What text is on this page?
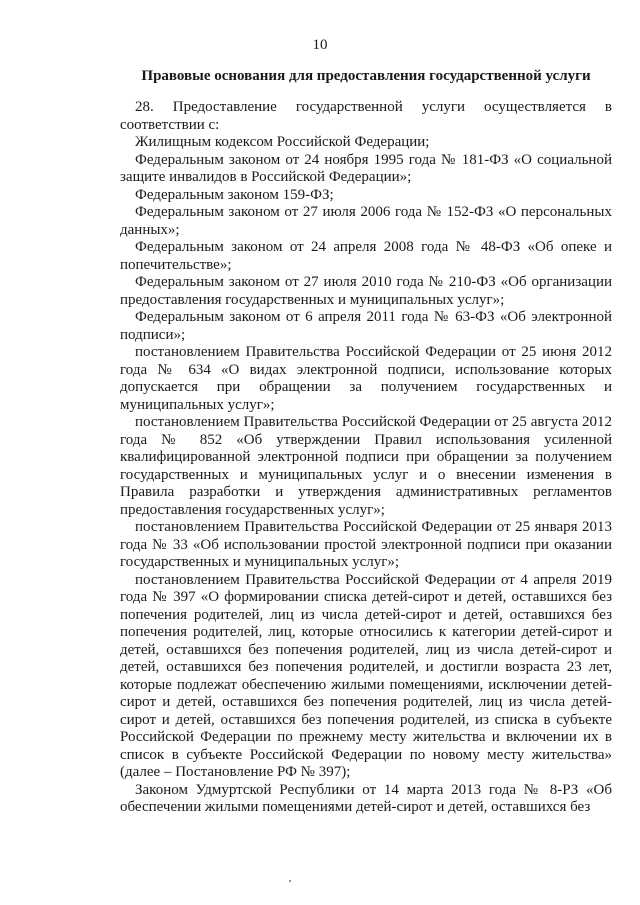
10
Правовые основания для предоставления государственной услуги

28. Предоставление государственной услуги осуществляется в соответствии с:

Жилищным кодексом Российской Федерации;

Федеральным законом от 24 ноября 1995 года № 181-ФЗ «О социальной защите инвалидов в Российской Федерации»;

Федеральным законом 159-ФЗ;

Федеральным законом от 27 июля 2006 года № 152-ФЗ «О персональных данных»;

Федеральным законом от 24 апреля 2008 года № 48-ФЗ «Об опеке и попечительстве»;

Федеральным законом от 27 июля 2010 года № 210-ФЗ «Об организации предоставления государственных и муниципальных услуг»;

Федеральным законом от 6 апреля 2011 года № 63-ФЗ «Об электронной подписи»;

постановлением Правительства Российской Федерации от 25 июня 2012 года № 634 «О видах электронной подписи, использование которых допускается при обращении за получением государственных и муниципальных услуг»;

постановлением Правительства Российской Федерации от 25 августа 2012 года № 852 «Об утверждении Правил использования усиленной квалифицированной электронной подписи при обращении за получением государственных и муниципальных услуг и о внесении изменения в Правила разработки и утверждения административных регламентов предоставления государственных услуг»;

постановлением Правительства Российской Федерации от 25 января 2013 года № 33 «Об использовании простой электронной подписи при оказании государственных и муниципальных услуг»;

постановлением Правительства Российской Федерации от 4 апреля 2019 года № 397 «О формировании списка детей-сирот и детей, оставшихся без попечения родителей, лиц из числа детей-сирот и детей, оставшихся без попечения родителей, лиц, которые относились к категории детей-сирот и детей, оставшихся без попечения родителей, лиц из числа детей-сирот и детей, оставшихся без попечения родителей, и достигли возраста 23 лет, которые подлежат обеспечению жилыми помещениями, исключении детей-сирот и детей, оставшихся без попечения родителей, лиц из числа детей-сирот и детей, оставшихся без попечения родителей, из списка в субъекте Российской Федерации по прежнему месту жительства и включении их в список в субъекте Российской Федерации по новому месту жительства» (далее – Постановление РФ № 397);

Законом Удмуртской Республики от 14 марта 2013 года № 8-РЗ «Об обеспечении жилыми помещениями детей-сирот и детей, оставшихся без
